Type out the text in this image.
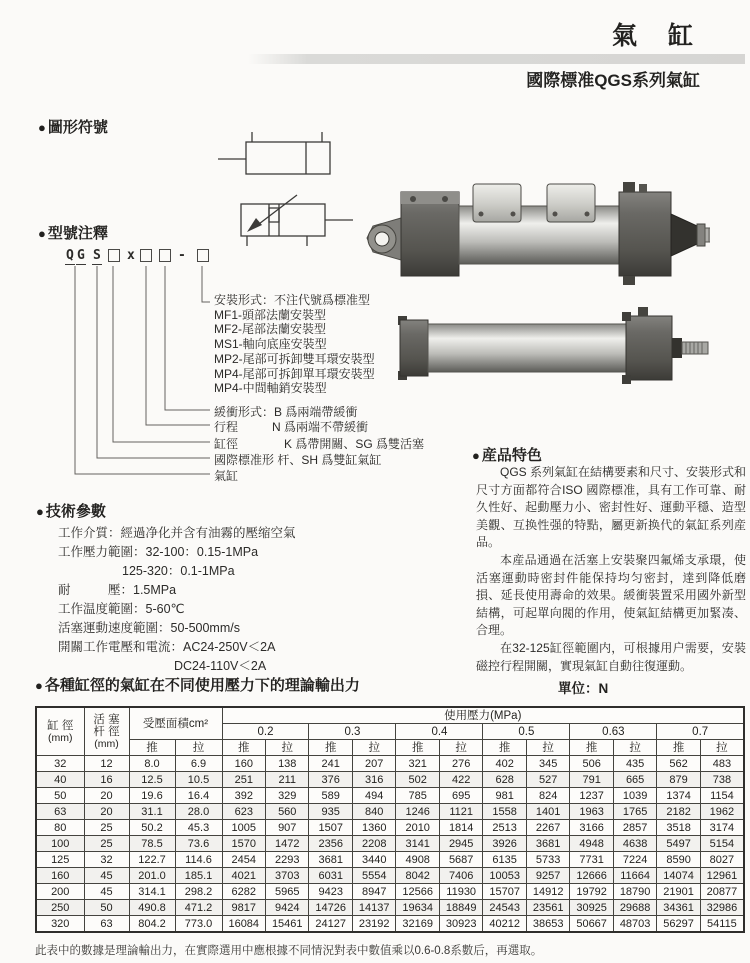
氣 缸
國際標准QGS系列氣缸
● 圖形符號
● 型號注釋
● 技術參數
● 産品特色
● 各種缸徑的氣缸在不同使用壓力下的理論輸出力	單位：N
Q G S x	-
安裝形式：不注代號爲標准型
MF1-頭部法蘭安裝型
MF2-尾部法蘭安裝型
MS1-軸向底座安裝型
MP2-尾部可拆卸雙耳環安裝型
MP4-尾部可拆卸單耳環安裝型
MP4-中間軸銷安裝型
緩衝形式：B 爲兩端帶緩衝
行程	N 爲兩端不帶緩衝
缸徑	K 爲帶開關、SG 爲雙活塞
國際標准形 杆、SH 爲雙缸氣缸
氣缸
工作介質：經過净化并含有油霧的壓缩空氣
工作壓力範圍：32-100：0.15-1MPa
125-320：0.1-1MPa
耐　　　壓：1.5MPa
工作温度範圍：5-60℃
活塞運動速度範圍：50-500mm/s
開關工作電壓和電流：AC24-250V＜2A
DC24-110V＜2A

QGS 系列氣缸在結構要素和尺寸、安裝形式和尺寸方面都符合ISO 國際標准，具有工作可靠、耐久性好、起動壓力小、密封性好、運動平穩、造型美觀、互换性强的特點，屬更新换代的氣缸系列産品。

本産品通過在活塞上安裝聚四氟烯支承環，使活塞運動時密封件能保持均匀密封，達到降低磨損、延長使用壽命的效果。緩衝裝置采用國外新型結構，可起單向閥的作用，使氣缸結構更加緊凑、合理。

在32-125缸徑範圍内，可根據用户需要，安裝磁控行程開關，實現氣缸自動往復運動。

缸 徑
(mm)	活 塞
杆 徑
(mm)	受壓面積cm²		使用壓力(MPa)											
				0.2		0.3		0.4		0.5		0.63		0.7	
		推	拉	推	拉	推	拉	推	拉	推	拉	推	拉	推	拉
32	12	8.0	6.9	160	138	241	207	321	276	402	345	506	435	562	483
40	16	12.5	10.5	251	211	376	316	502	422	628	527	791	665	879	738
50	20	19.6	16.4	392	329	589	494	785	695	981	824	1237	1039	1374	1154
63	20	31.1	28.0	623	560	935	840	1246	1121	1558	1401	1963	1765	2182	1962
80	25	50.2	45.3	1005	907	1507	1360	2010	1814	2513	2267	3166	2857	3518	3174
100	25	78.5	73.6	1570	1472	2356	2208	3141	2945	3926	3681	4948	4638	5497	5154
125	32	122.7	114.6	2454	2293	3681	3440	4908	5687	6135	5733	7731	7224	8590	8027
160	45	201.0	185.1	4021	3703	6031	5554	8042	7406	10053	9257	12666	11664	14074	12961
200	45	314.1	298.2	6282	5965	9423	8947	12566	11930	15707	14912	19792	18790	21901	20877
250	50	490.8	471.2	9817	9424	14726	14137	19634	18849	24543	23561	30925	29688	34361	32986
320	63	804.2	773.0	16084	15461	24127	23192	32169	30923	40212	38653	50667	48703	56297	54115
此表中的數據是理論輸出力，在實際選用中應根據不同情況對表中數值乘以0.6-0.8系數后，再選取。
